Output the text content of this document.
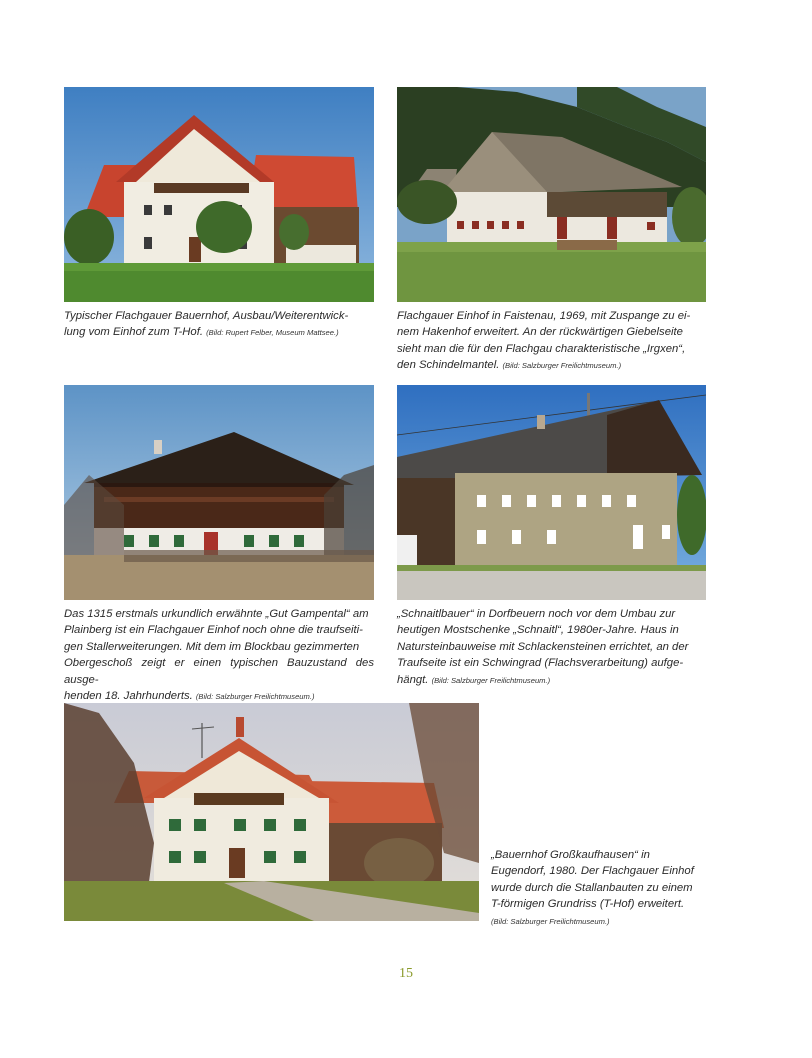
Typischer Flachgauer Bauernhof, Ausbau/Weiterentwick-
lung vom Einhof zum T-Hof. (Bild: Rupert Felber, Museum Mattsee.)
Flachgauer Einhof in Faistenau, 1969, mit Zuspange zu ei-
nem Hakenhof erweitert. An der rückwärtigen Giebelseite
sieht man die für den Flachgau charakteristische „Irgxen“,
den Schindelmantel. (Bild: Salzburger Freilichtmuseum.)
Das 1315 erstmals urkundlich erwähnte „Gut Gampental“ am
Plainberg ist ein Flachgauer Einhof noch ohne die traufseiti-
gen Stallerweiterungen. Mit dem im Blockbau gezimmerten
Obergeschoß zeigt er einen typischen Bauzustand des ausge-
henden 18. Jahrhunderts. (Bild: Salzburger Freilichtmuseum.)
„Schnaitlbauer“ in Dorfbeuern noch vor dem Umbau zur
heutigen Mostschenke „Schnaitl“, 1980er-Jahre. Haus in
Natursteinbauweise mit Schlackensteinen errichtet, an der
Traufseite ist ein Schwingrad (Flachsverarbeitung) aufge-
hängt. (Bild: Salzburger Freilichtmuseum.)
„Bauernhof Großkaufhausen“ in
Eugendorf, 1980. Der Flachgauer Einhof
wurde durch die Stallanbauten zu einem
T-förmigen Grundriss (T-Hof) erweitert.
(Bild: Salzburger Freilichtmuseum.)
15
